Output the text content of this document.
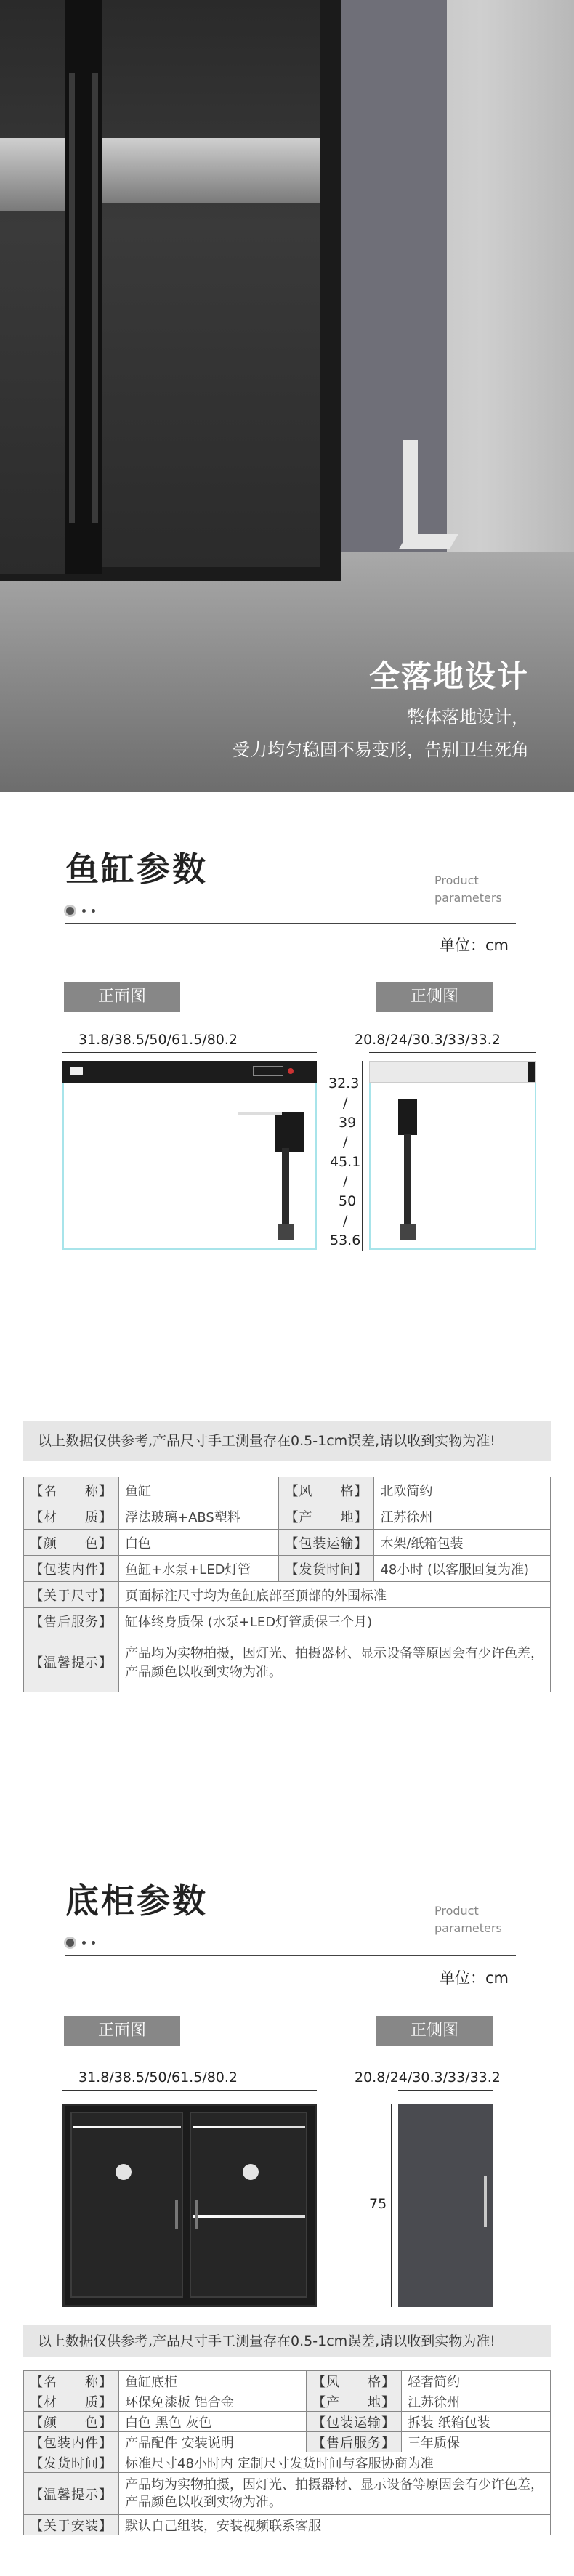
全落地设计
整体落地设计，
受力均匀稳固不易变形，告别卫生死角
鱼缸参数	Product
parameters
单位：cm
正面图	正侧图
31.8/38.5/50/61.5/80.2	20.8/24/30.3/33/33.2
32.3
/
39
/
45.1
/
50
/
53.6
以上数据仅供参考,产品尺寸手工测量存在0.5-1cm误差,请以收到实物为准!
【名　　称】	鱼缸	【风　　格】	北欧简约
【材　　质】	浮法玻璃+ABS塑料	【产　　地】	江苏徐州
【颜　　色】	白色	【包装运输】	木架/纸箱包装
【包装内件】	鱼缸+水泵+LED灯管	【发货时间】	48小时 (以客服回复为准)
【关于尺寸】	页面标注尺寸均为鱼缸底部至顶部的外围标准		
【售后服务】	缸体终身质保 (水泵+LED灯管质保三个月)		
【温馨提示】	产品均为实物拍摄，因灯光、拍摄器材、显示设备等原因会有少许色差，产品颜色以收到实物为准。		
底柜参数	Product
parameters
单位：cm
正面图	正侧图
31.8/38.5/50/61.5/80.2	20.8/24/30.3/33/33.2
75
以上数据仅供参考,产品尺寸手工测量存在0.5-1cm误差,请以收到实物为准!
【名　　称】	鱼缸底柜	【风　　格】	轻奢简约
【材　　质】	环保免漆板 铝合金	【产　　地】	江苏徐州
【颜　　色】	白色 黑色 灰色	【包装运输】	拆装 纸箱包装
【包装内件】	产品配件 安装说明	【售后服务】	三年质保
【发货时间】	标准尺寸48小时内 定制尺寸发货时间与客服协商为准		
【温馨提示】	产品均为实物拍摄，因灯光、拍摄器材、显示设备等原因会有少许色差，产品颜色以收到实物为准。		
【关于安装】	默认自己组装，安装视频联系客服		
